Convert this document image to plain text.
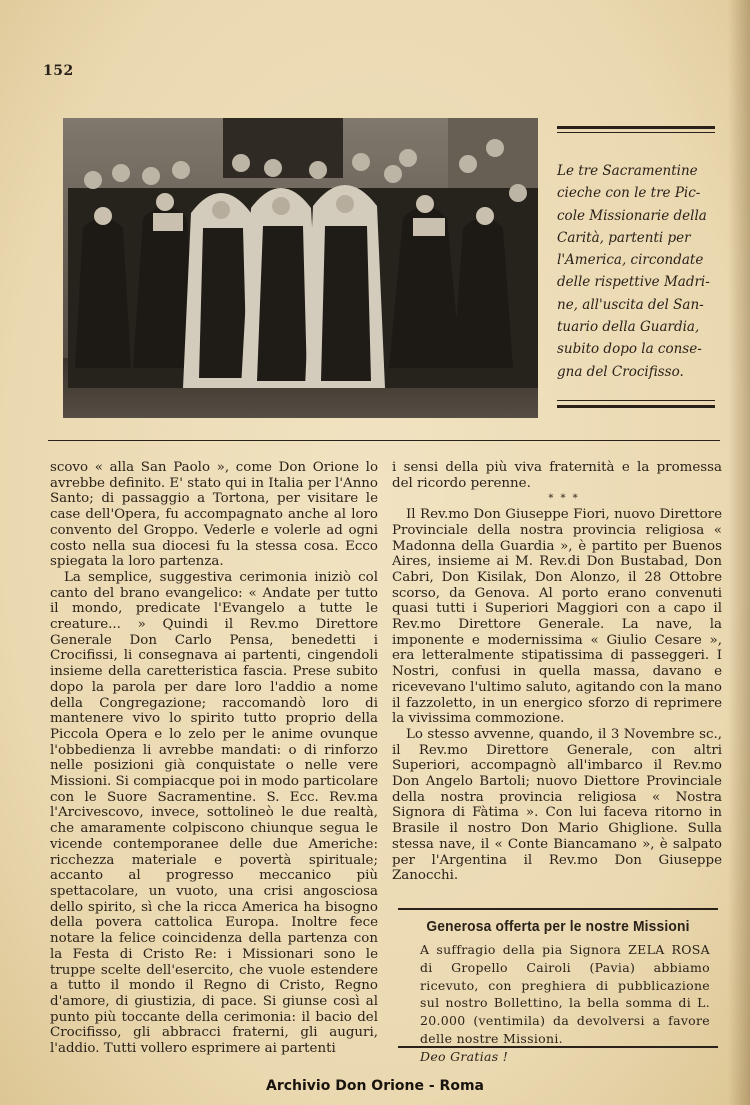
152
Le tre Sacramentine
cieche con le tre Pic-
cole Missionarie della
Carità, partenti per
l'America, circondate
delle rispettive Madri-
ne, all'uscita del San-
tuario della Guardia,
subito dopo la conse-
gna del Crocifisso.

scovo « alla San Paolo », come Don Orione lo avrebbe definito. E' stato qui in Italia per l'Anno Santo; di passaggio a Tortona, per visitare le case dell'Opera, fu accompagnato anche al loro convento del Groppo. Vederle e volerle ad ogni costo nella sua diocesi fu la stessa cosa. Ecco spiegata la loro partenza.

La semplice, suggestiva cerimonia iniziò col canto del brano evangelico: « Andate per tutto il mondo, predicate l'Evangelo a tutte le creature... » Quindi il Rev.mo Direttore Generale Don Carlo Pensa, benedetti i Crocifissi, li consegnava ai partenti, cingendoli insieme della caretteristica fascia. Prese subito dopo la parola per dare loro l'addio a nome della Congregazione; raccomandò loro di mantenere vivo lo spirito tutto proprio della Piccola Opera e lo zelo per le anime ovunque l'obbedienza li avrebbe mandati: o di rinforzo nelle posizioni già conquistate o nelle vere Missioni. Si compiacque poi in modo particolare con le Suore Sacramentine. S. Ecc. Rev.ma l'Arcivescovo, invece, sottolineò le due realtà, che amaramente colpiscono chiunque segua le vicende contemporanee delle due Americhe: ricchezza materiale e povertà spirituale; accanto al progresso meccanico più spettacolare, un vuoto, una crisi angosciosa dello spirito, sì che la ricca America ha bisogno della povera cattolica Europa. Inoltre fece notare la felice coincidenza della partenza con la Festa di Cristo Re: i Missionari sono le truppe scelte dell'esercito, che vuole estendere a tutto il mondo il Regno di Cristo, Regno d'amore, di giustizia, di pace. Si giunse così al punto più toccante della cerimonia: il bacio del Crocifisso, gli abbracci fraterni, gli auguri, l'addio. Tutti vollero esprimere ai partenti

i sensi della più viva fraternità e la promessa del ricordo perenne.

* * *

Il Rev.mo Don Giuseppe Fiori, nuovo Direttore Provinciale della nostra provincia religiosa « Madonna della Guardia », è partito per Buenos Aires, insieme ai M. Rev.di Don Bustabad, Don Cabri, Don Kisilak, Don Alonzo, il 28 Ottobre scorso, da Genova. Al porto erano convenuti quasi tutti i Superiori Maggiori con a capo il Rev.mo Direttore Generale. La nave, la imponente e modernissima « Giulio Cesare », era letteralmente stipatissima di passeggeri. I Nostri, confusi in quella massa, davano e ricevevano l'ultimo saluto, agitando con la mano il fazzoletto, in un energico sforzo di reprimere la vivissima commozione.

Lo stesso avvenne, quando, il 3 Novembre sc., il Rev.mo Direttore Generale, con altri Superiori, accompagnò all'imbarco il Rev.mo Don Angelo Bartoli; nuovo Diettore Provinciale della nostra provincia religiosa « Nostra Signora di Fàtima ». Con lui faceva ritorno in Brasile il nostro Don Mario Ghiglione. Sulla stessa nave, il « Conte Biancamano », è salpato per l'Argentina il Rev.mo Don Giuseppe Zanocchi.

Generosa offerta per le nostre Missioni
A suffragio della pia Signora ZELA ROSA di Gropello Cairoli (Pavia) abbiamo ricevuto, con preghiera di pubblicazione sul nostro Bollettino, la bella somma di L. 20.000 (ventimila) da devolversi a favore delle nostre Missioni.
Deo Gratias !
Archivio Don Orione - Roma
